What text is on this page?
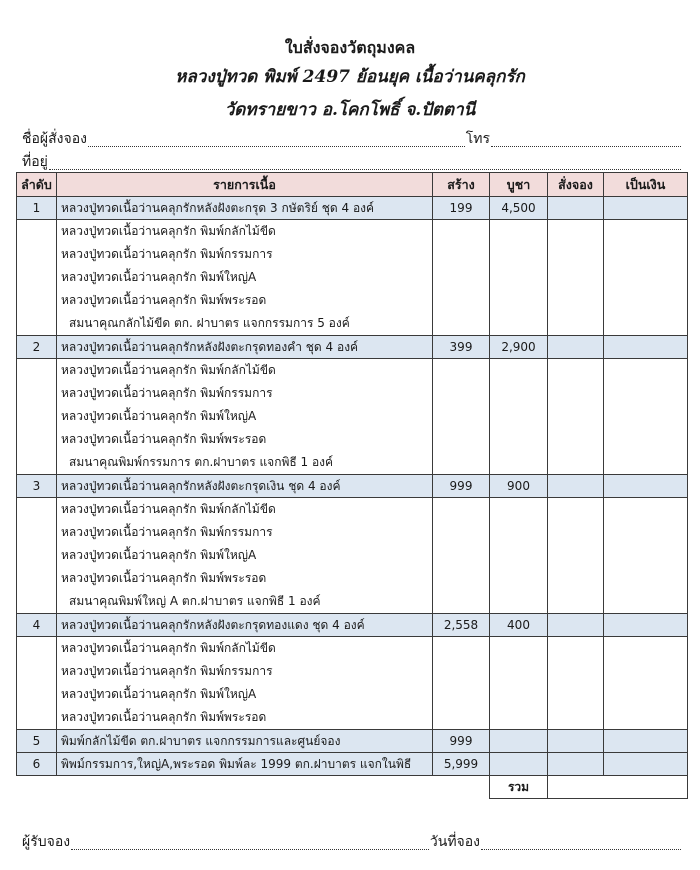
ใบสั่งจองวัตถุมงคล
หลวงปู่ทวด พิมพ์ 2497 ย้อนยุค เนื้อว่านคลุกรัก
วัดทรายขาว อ.โคกโพธิ์ จ.ปัตตานี
ชื่อผู้สั่งจอง	โทร
ที่อยู่
ลำดับ	รายการเนื้อ	สร้าง	บูชา	สั่งจอง	เป็นเงิน
1	หลวงปู่ทวดเนื้อว่านคลุกรักหลังฝังตะกรุด 3 กษัตริย์ ชุด 4 องค์	199	4,500		
	หลวงปู่ทวดเนื้อว่านคลุกรัก พิมพ์กลักไม้ขีด				
	หลวงปู่ทวดเนื้อว่านคลุกรัก พิมพ์กรรมการ				
	หลวงปู่ทวดเนื้อว่านคลุกรัก พิมพ์ใหญ่A				
	หลวงปู่ทวดเนื้อว่านคลุกรัก พิมพ์พระรอด				
	สมนาคุณกลักไม้ขีด ตก. ฝาบาตร แจกกรรมการ 5 องค์				
2	หลวงปู่ทวดเนื้อว่านคลุกรักหลังฝังตะกรุดทองคำ ชุด 4 องค์	399	2,900		
	หลวงปู่ทวดเนื้อว่านคลุกรัก พิมพ์กลักไม้ขีด				
	หลวงปู่ทวดเนื้อว่านคลุกรัก พิมพ์กรรมการ				
	หลวงปู่ทวดเนื้อว่านคลุกรัก พิมพ์ใหญ่A				
	หลวงปู่ทวดเนื้อว่านคลุกรัก พิมพ์พระรอด				
	สมนาคุณพิมพ์กรรมการ ตก.ฝาบาตร แจกพิธี 1 องค์				
3	หลวงปู่ทวดเนื้อว่านคลุกรักหลังฝังตะกรุดเงิน ชุด 4 องค์	999	900		
	หลวงปู่ทวดเนื้อว่านคลุกรัก พิมพ์กลักไม้ขีด				
	หลวงปู่ทวดเนื้อว่านคลุกรัก พิมพ์กรรมการ				
	หลวงปู่ทวดเนื้อว่านคลุกรัก พิมพ์ใหญ่A				
	หลวงปู่ทวดเนื้อว่านคลุกรัก พิมพ์พระรอด				
	สมนาคุณพิมพ์ใหญ่ A ตก.ฝาบาตร แจกพิธี 1 องค์				
4	หลวงปู่ทวดเนื้อว่านคลุกรักหลังฝังตะกรุดทองแดง ชุด 4 องค์	2,558	400		
	หลวงปู่ทวดเนื้อว่านคลุกรัก พิมพ์กลักไม้ขีด				
	หลวงปู่ทวดเนื้อว่านคลุกรัก พิมพ์กรรมการ				
	หลวงปู่ทวดเนื้อว่านคลุกรัก พิมพ์ใหญ่A				
	หลวงปู่ทวดเนื้อว่านคลุกรัก พิมพ์พระรอด				
5	พิมพ์กลักไม้ขีด ตก.ฝาบาตร แจกกรรมการและศูนย์จอง	999			
6	พิพม์กรรมการ,ใหญ่A,พระรอด พิมพ์ละ 1999 ตก.ฝาบาตร แจกในพิธี	5,999			
			รวม		
ผู้รับจอง	วันที่จอง
